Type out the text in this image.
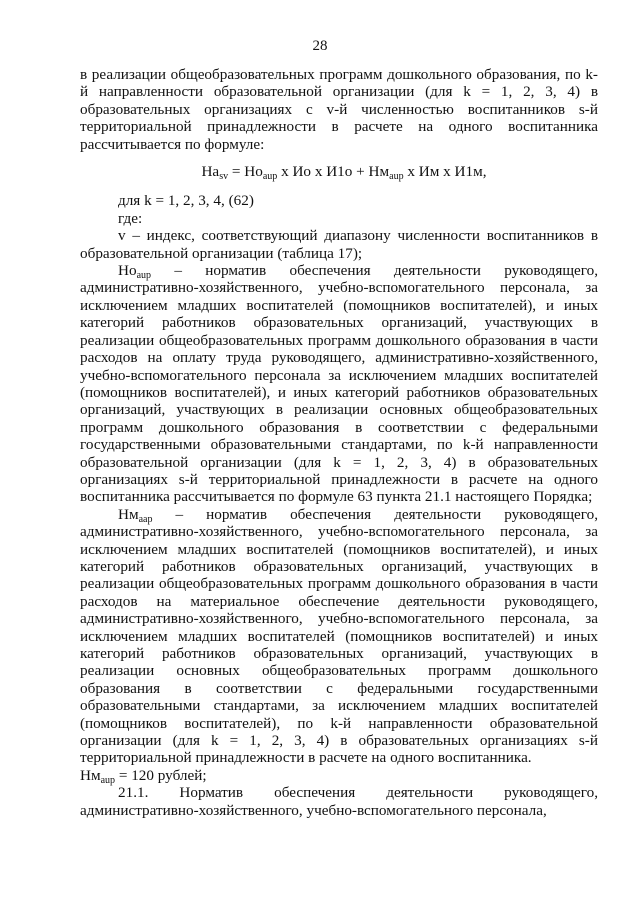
28

в реализации общеобразовательных программ дошкольного образования, по k-й направленности образовательной организации (для k = 1, 2, 3, 4) в образовательных организациях с v-й численностью воспитанников s-й территориальной принадлежности в расчете на одного воспитанника рассчитывается по формуле:

$Ha_{sv} = Ho_{aup}$ x Ио x $И1о + Hм_{aup}$ x Им x И1м,

для k = 1, 2, 3, 4, (62)

где:

v – индекс, соответствующий диапазону численности воспитанников в образовательной организации (таблица 17);

$Ho_{aup}$ – норматив обеспечения деятельности руководящего, административно-хозяйственного, учебно-вспомогательного персонала, за исключением младших воспитателей (помощников воспитателей), и иных категорий работников образовательных организаций, участвующих в реализации общеобразовательных программ дошкольного образования в части расходов на оплату труда руководящего, административно-хозяйственного, учебно-вспомогательного персонала за исключением младших воспитателей (помощников воспитателей), и иных категорий работников образовательных организаций, участвующих в реализации основных общеобразовательных программ дошкольного образования в соответствии с федеральными государственными образовательными стандартами, по k-й направленности образовательной организации (для k = 1, 2, 3, 4) в образовательных организациях s-й территориальной принадлежности в расчете на одного воспитанника рассчитывается по формуле 63 пункта 21.1 настоящего Порядка;

$Hм_{aap}$ – норматив обеспечения деятельности руководящего, административно-хозяйственного, учебно-вспомогательного персонала, за исключением младших воспитателей (помощников воспитателей), и иных категорий работников образовательных организаций, участвующих в реализации общеобразовательных программ дошкольного образования в части расходов на материальное обеспечение деятельности руководящего, административно-хозяйственного, учебно-вспомогательного персонала, за исключением младших воспитателей (помощников воспитателей) и иных категорий работников образовательных организаций, участвующих в реализации основных общеобразовательных программ дошкольного образования в соответствии с федеральными государственными образовательными стандартами, за исключением младших воспитателей (помощников воспитателей), по k-й направленности образовательной организации (для k = 1, 2, 3, 4) в образовательных организациях s-й территориальной принадлежности в расчете на одного воспитанника.

$Hм_{aup} = 120$ рублей;

21.1. Норматив обеспечения деятельности руководящего, административно-хозяйственного, учебно-вспомогательного персонала,
